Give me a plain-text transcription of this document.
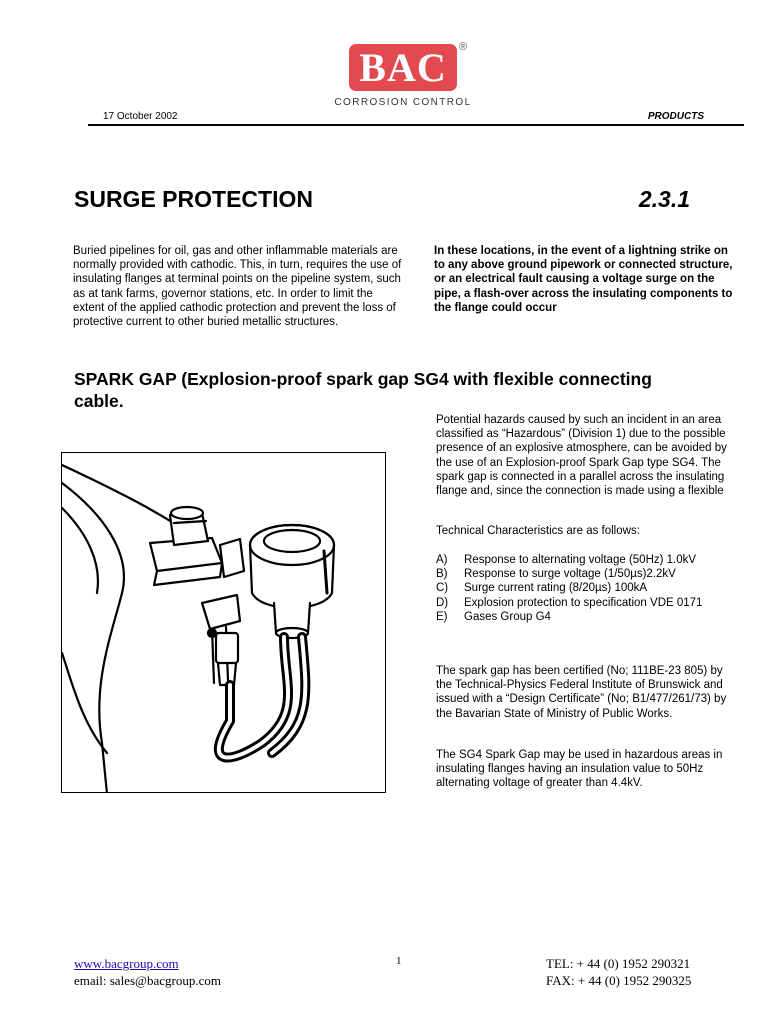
BAC	®
CORROSION CONTROL
17 October 2002	PRODUCTS
SURGE PROTECTION	2.3.1
Buried pipelines for oil, gas and other inflammable materials are normally provided with cathodic. This, in turn, requires the use of insulating flanges at terminal points on the pipeline system, such as at tank farms, governor stations, etc. In order to limit the extent of the applied cathodic protection and prevent the loss of protective current to other buried metallic structures.
In these locations, in the event of a lightning strike on to any above ground pipework or connected structure, or an electrical fault causing a voltage surge on the pipe, a flash-over across the insulating components to the flange could occur
SPARK GAP (Explosion-proof spark gap SG4 with flexible connecting cable.
Potential hazards caused by such an incident in an area classified as “Hazardous” (Division 1) due to the possible presence of an explosive atmosphere, can be avoided by the use of an Explosion-proof Spark Gap type SG4. The spark gap is connected in a parallel across the insulating flange and, since the connection is made using a flexible
Technical Characteristics are as follows:
A)	Response to alternating voltage (50Hz) 1.0kV
B)	Response to surge voltage (1/50µs)2.2kV
C)	Surge current rating (8/20µs) 100kA
D)	Explosion protection to specification VDE 0171
E)	Gases Group G4
The spark gap has been certified (No; 111BE-23 805) by the Technical-Physics Federal Institute of Brunswick and issued with a “Design Certificate” (No; B1/477/261/73) by the Bavarian State of Ministry of Public Works.
The SG4 Spark Gap may be used in hazardous areas in insulating flanges having an insulation value to 50Hz alternating voltage of greater than 4.4kV.
www.bacgroup.com
email: sales@bacgroup.com
1	TEL: + 44 (0) 1952 290321
FAX: + 44 (0) 1952 290325
